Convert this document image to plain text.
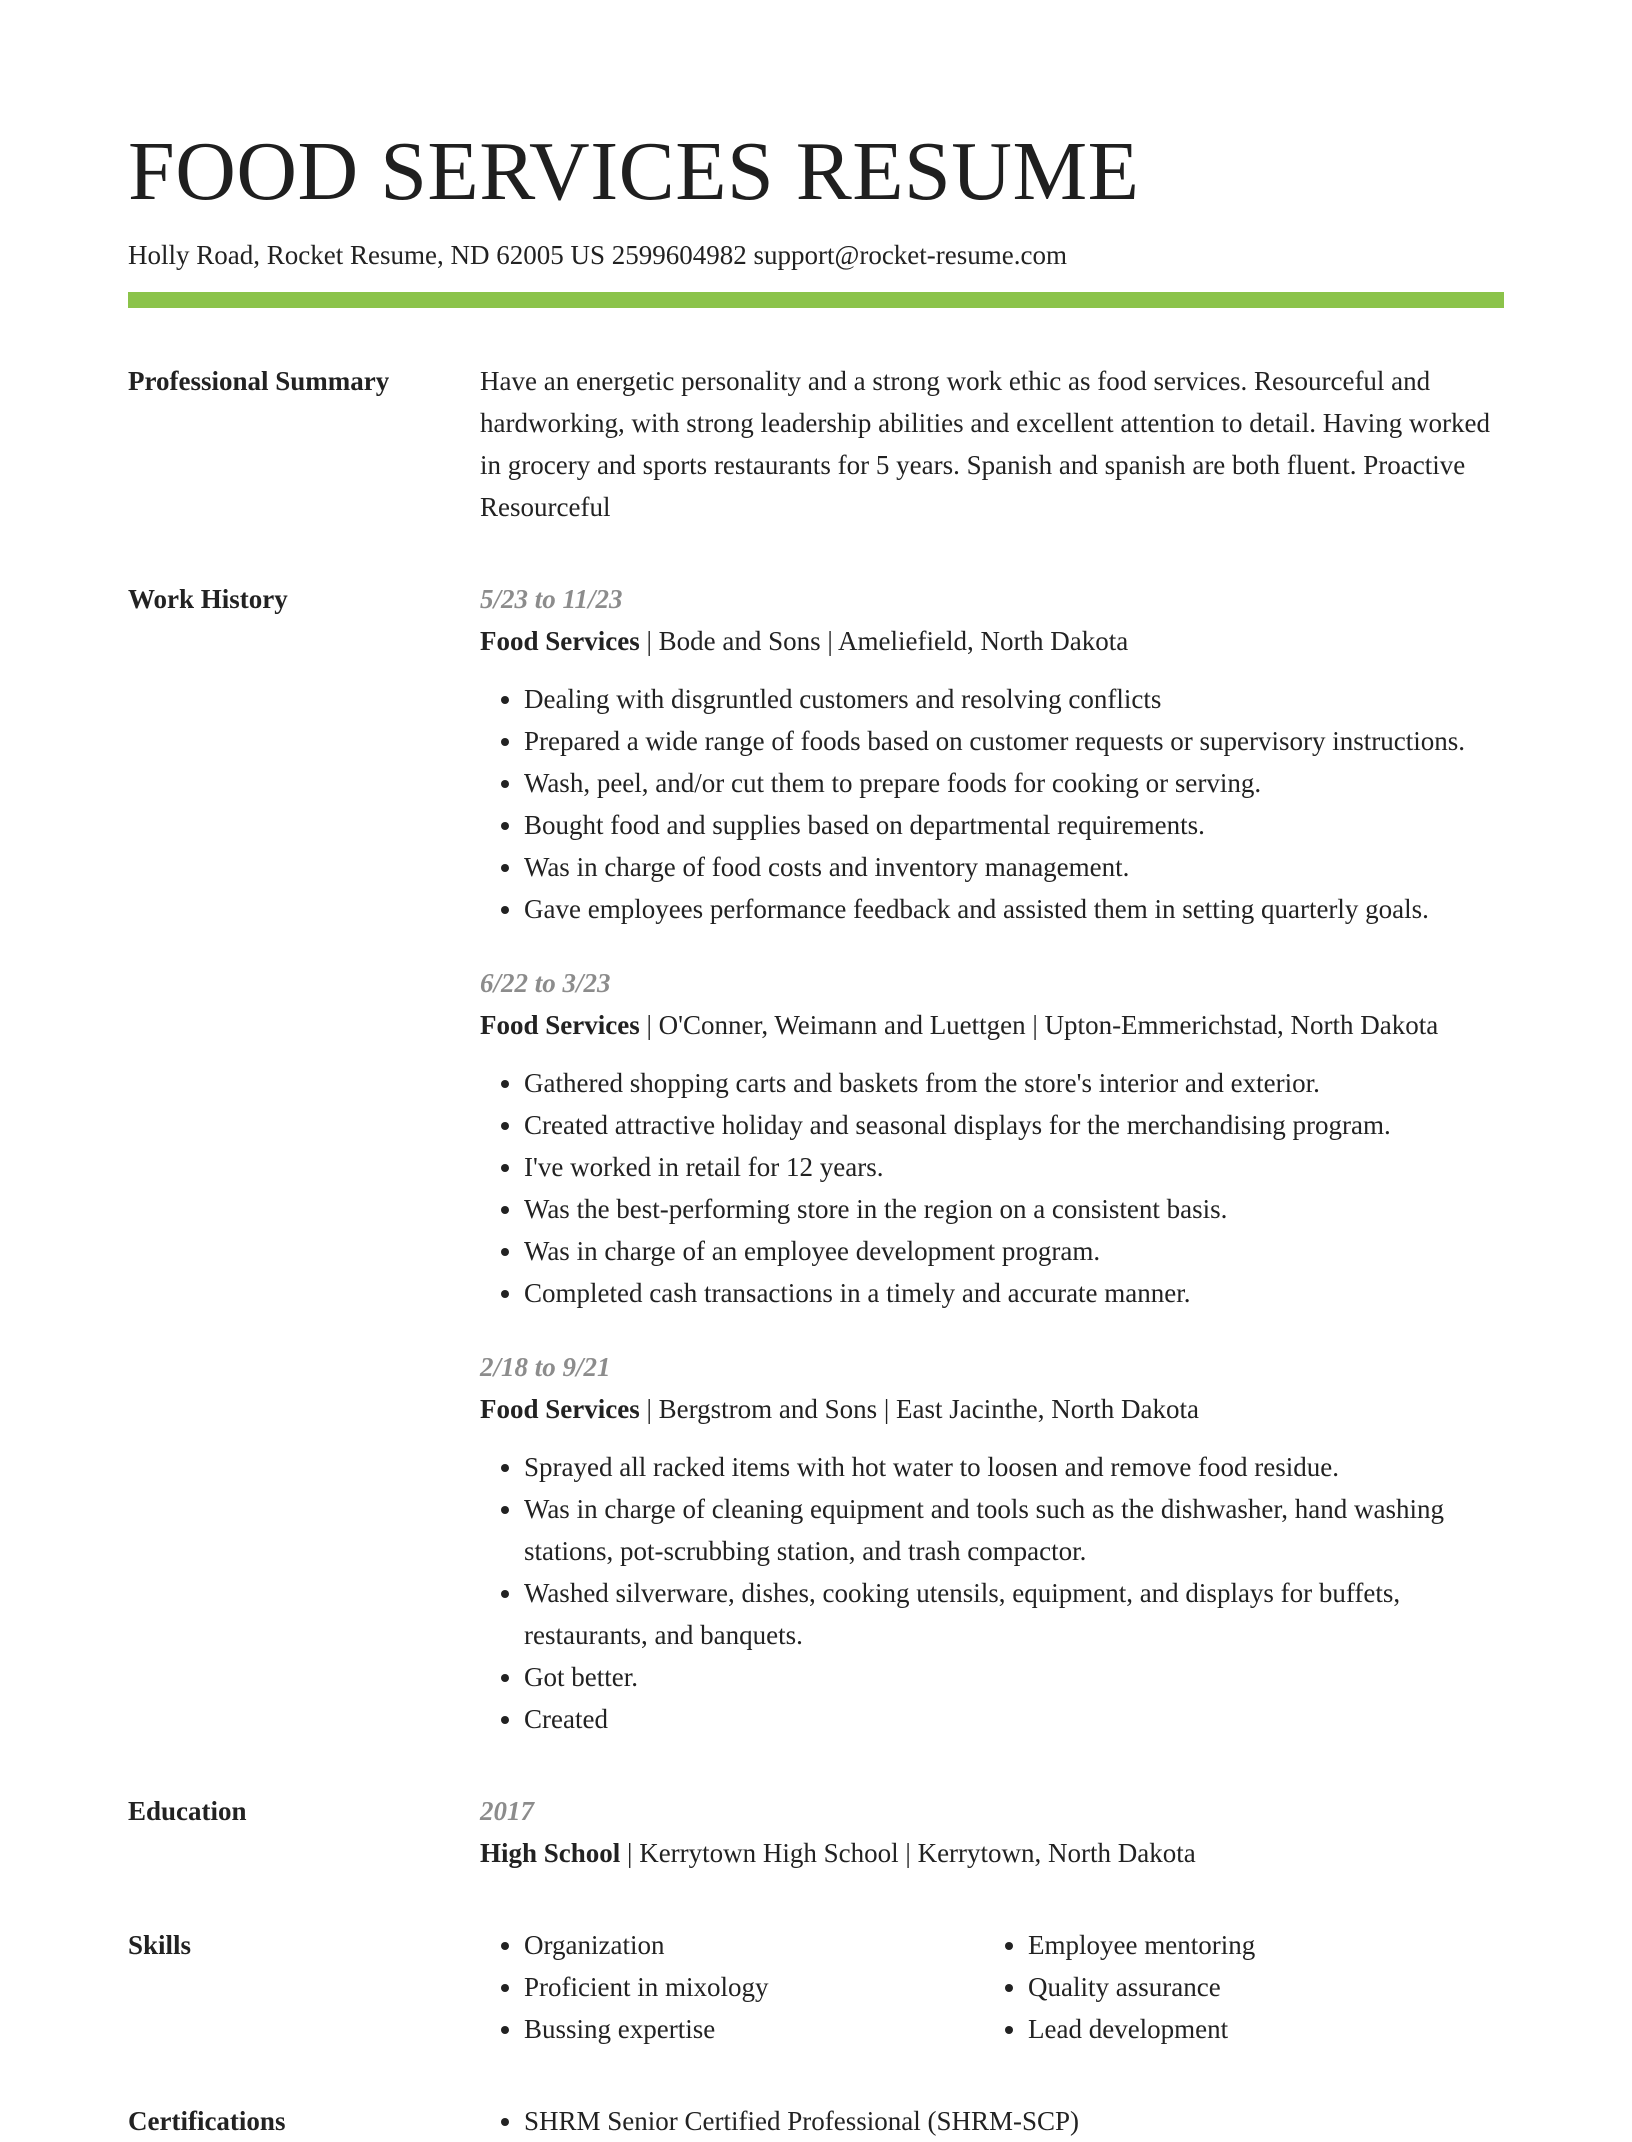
FOOD SERVICES RESUME
Holly Road, Rocket Resume, ND 62005 US 2599604982 support@rocket-resume.com
Professional Summary	Have an energetic personality and a strong work ethic as food services. Resourceful and hardworking, with strong leadership abilities and excellent attention to detail. Having worked in grocery and sports restaurants for 5 years. Spanish and spanish are both fluent. Proactive Resourceful

Work History	5/23 to 11/23
Food Services | Bode and Sons | Ameliefield, North Dakota
• Dealing with disgruntled customers and resolving conflicts
• Prepared a wide range of foods based on customer requests or supervisory instructions.
• Wash, peel, and/or cut them to prepare foods for cooking or serving.
• Bought food and supplies based on departmental requirements.
• Was in charge of food costs and inventory management.
• Gave employees performance feedback and assisted them in setting quarterly goals.
6/22 to 3/23
Food Services | O'Conner, Weimann and Luettgen | Upton-Emmerichstad, North Dakota
• Gathered shopping carts and baskets from the store's interior and exterior.
• Created attractive holiday and seasonal displays for the merchandising program.
• I've worked in retail for 12 years.
• Was the best-performing store in the region on a consistent basis.
• Was in charge of an employee development program.
• Completed cash transactions in a timely and accurate manner.
2/18 to 9/21
Food Services | Bergstrom and Sons | East Jacinthe, North Dakota
• Sprayed all racked items with hot water to loosen and remove food residue.
• Was in charge of cleaning equipment and tools such as the dishwasher, hand washing stations, pot-scrubbing station, and trash compactor.
• Washed silverware, dishes, cooking utensils, equipment, and displays for buffets, restaurants, and banquets.
• Got better.
• Created
Education	2017
High School | Kerrytown High School | Kerrytown, North Dakota
Skills	• Organization
• Proficient in mixology
• Bussing expertise
• Employee mentoring
• Quality assurance
• Lead development
Certifications	• SHRM Senior Certified Professional (SHRM-SCP)
